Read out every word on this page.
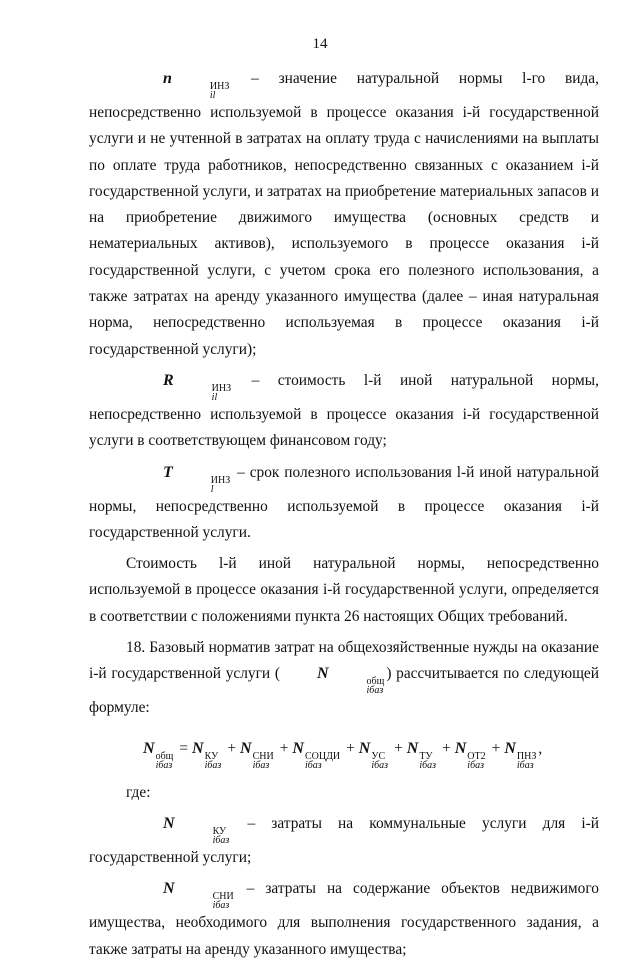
14

n	ИНЗ
il
– значение натуральной нормы l-го вида, непосредственно используемой в процессе оказания i-й государственной услуги и не учтенной в затратах на оплату труда с начислениями на выплаты по оплате труда работников, непосредственно связанных с оказанием i-й государственной услуги, и затратах на приобретение материальных запасов и на приобретение движимого имущества (основных средств и нематериальных активов), используемого в процессе оказания i-й государственной услуги, с учетом срока его полезного использования, а также затратах на аренду указанного имущества (далее – иная натуральная норма, непосредственно используемая в процессе оказания i-й государственной услуги);

R	ИНЗ
il
– стоимость l-й иной натуральной нормы, непосредственно используемой в процессе оказания i-й государственной услуги в соответствующем финансовом году;

T	ИНЗ
l
– срок полезного использования l-й иной натуральной нормы, непосредственно используемой в процессе оказания i-й государственной услуги.

Стоимость l-й иной натуральной нормы, непосредственно используемой в процессе оказания i-й государственной услуги, определяется в соответствии с положениями пункта 26 настоящих Общих требований.

18. Базовый норматив затрат на общехозяйственные нужды на оказание i-й государственной услуги ( N	общ
iбаз
) рассчитывается по следующей формуле:

N общ
iбаз
= N КУ
iбаз
+ N СНИ
iбаз
+ N СОЦДИ
iбаз
+ N УС
iбаз
+ N ТУ
iбаз
+ N ОТ2
iбаз
+ N ПНЗ
iбаз
,

где:

N	КУ
iбаз
– затраты на коммунальные услуги для i-й государственной услуги;

N	СНИ
iбаз
– затраты на содержание объектов недвижимого имущества, необходимого для выполнения государственного задания, а также затраты на аренду указанного имущества;
